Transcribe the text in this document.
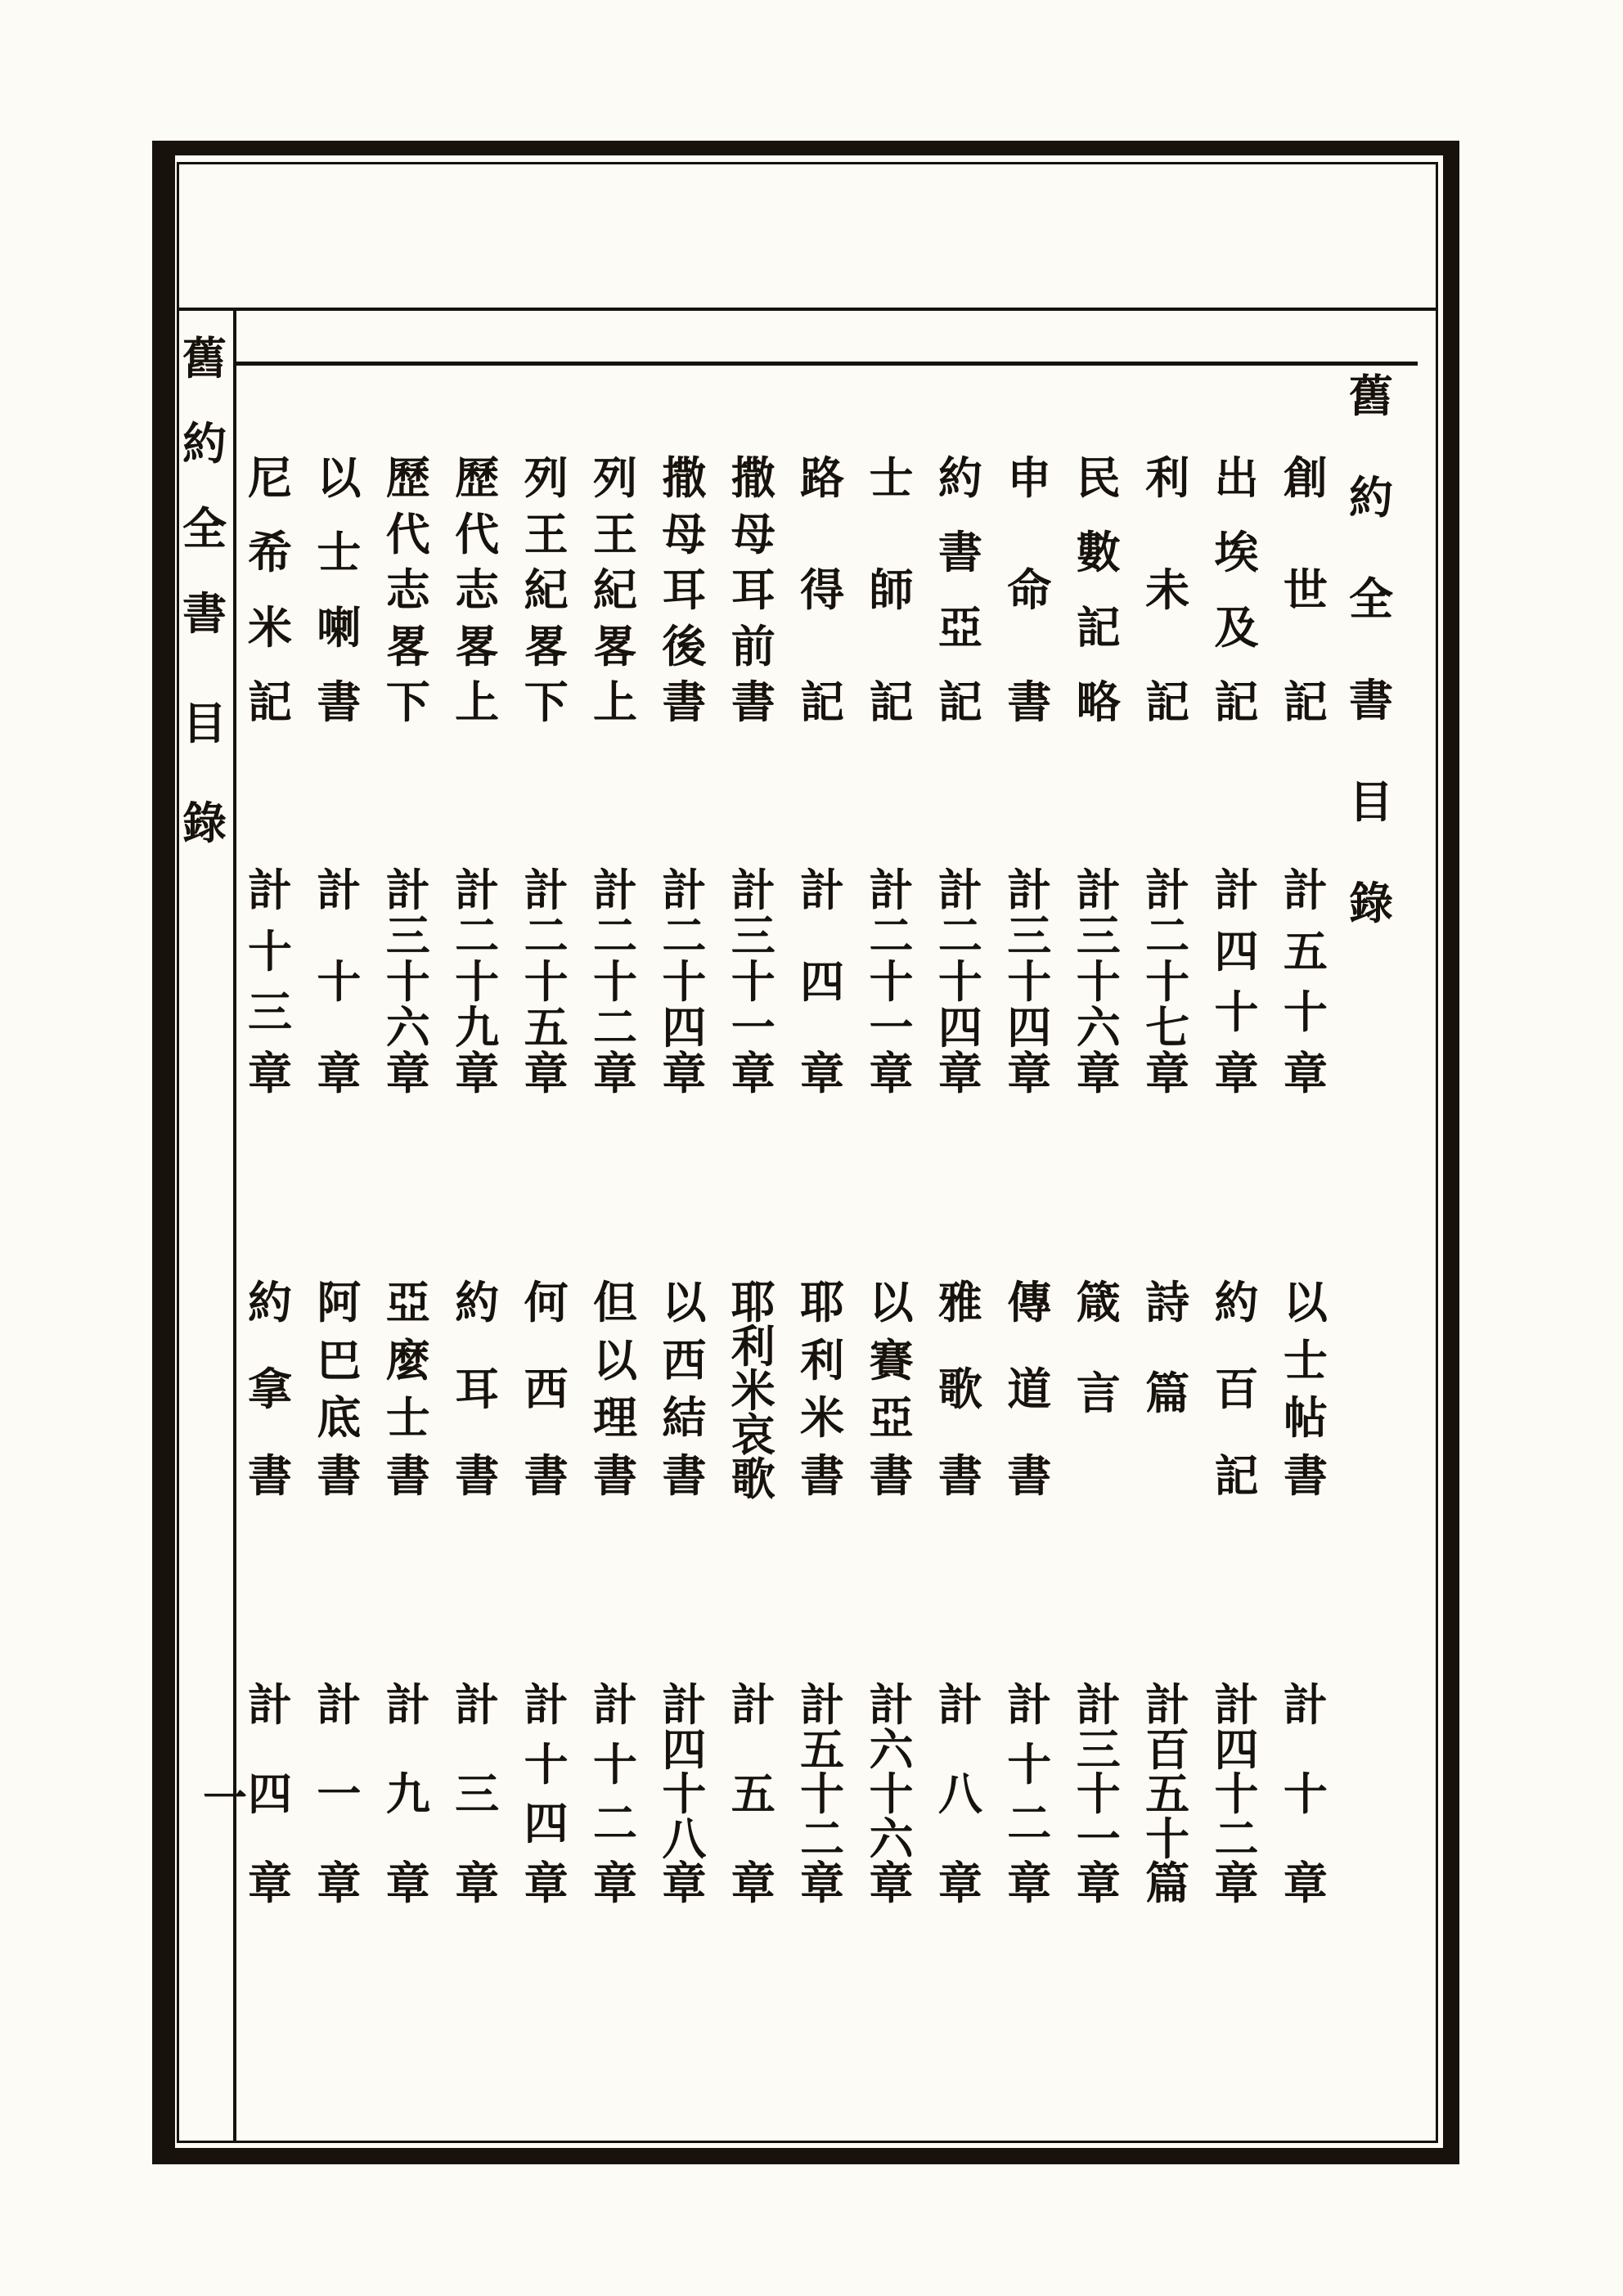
舊
約
全
書
目
錄
一
舊
約
全
書
目
錄
創
世
記
出
埃
及
記
利
未
記
民
數
記
略
申
命
書
約
書
亞
記
士
師
記
路
得
記
撒
母
耳
前
書
撒
母
耳
後
書
列
王
紀
畧
上
列
王
紀
畧
下
歷
代
志
畧
上
歷
代
志
畧
下
以
士
喇
書
尼
希
米
記
計
五
十
章
計
四
十
章
計
二
十
七
章
計
三
十
六
章
計
三
十
四
章
計
二
十
四
章
計
二
十
一
章
計
四
章
計
三
十
一
章
計
二
十
四
章
計
二
十
二
章
計
二
十
五
章
計
二
十
九
章
計
三
十
六
章
計
十
章
計
十
三
章
以
士
帖
書
約
百
記
詩
篇
箴
言
傳
道
書
雅
歌
書
以
賽
亞
書
耶
利
米
書
耶
利
米
哀
歌
以
西
結
書
但
以
理
書
何
西
書
約
耳
書
亞
麼
士
書
阿
巴
底
書
約
拿
書
計
十
章
計
四
十
二
章
計
百
五
十
篇
計
三
十
一
章
計
十
二
章
計
八
章
計
六
十
六
章
計
五
十
二
章
計
五
章
計
四
十
八
章
計
十
二
章
計
十
四
章
計
三
章
計
九
章
計
一
章
計
四
章
